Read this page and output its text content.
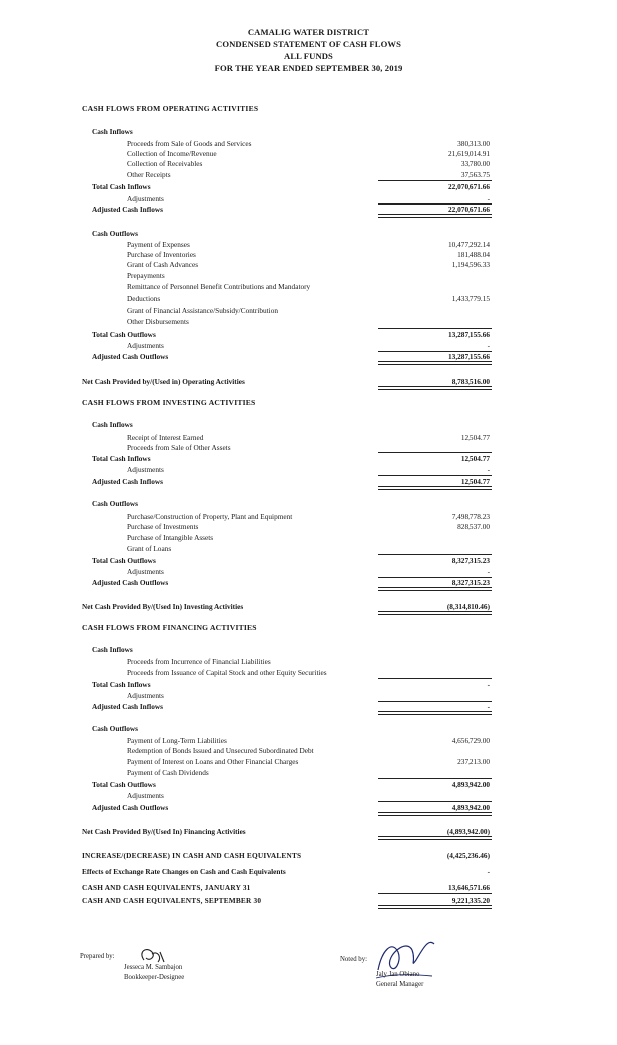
CAMALIG WATER DISTRICT
CONDENSED STATEMENT OF CASH FLOWS
ALL FUNDS
FOR THE YEAR ENDED SEPTEMBER 30, 2019
CASH FLOWS FROM OPERATING ACTIVITIES
Cash Inflows
Proceeds from Sale of Goods and Services	380,313.00
Collection of Income/Revenue	21,619,014.91
Collection of Receivables	33,780.00
Other Receipts	37,563.75
Total Cash Inflows	22,070,671.66
Adjustments	-
Adjusted Cash Inflows	22,070,671.66
Cash Outflows
Payment of Expenses	10,477,292.14
Purchase of Inventories	181,488.04
Grant of Cash Advances	1,194,596.33
Prepayments
Remittance of Personnel Benefit Contributions and Mandatory
Deductions	1,433,779.15
Grant of Financial Assistance/Subsidy/Contribution
Other Disbursements
Total Cash Outflows	13,287,155.66
Adjustments	-
Adjusted Cash Outflows	13,287,155.66
Net Cash Provided by/(Used in) Operating Activities	8,783,516.00
CASH FLOWS FROM INVESTING ACTIVITIES
Cash Inflows
Receipt of Interest Earned	12,504.77
Proceeds from Sale of Other Assets
Total Cash Inflows	12,504.77
Adjustments	-
Adjusted Cash Inflows	12,504.77
Cash Outflows
Purchase/Construction of Property, Plant and Equipment	7,498,778.23
Purchase of Investments	828,537.00
Purchase of Intangible Assets
Grant of Loans
Total Cash Outflows	8,327,315.23
Adjustments	-
Adjusted Cash Outflows	8,327,315.23
Net Cash Provided By/(Used In) Investing Activities	(8,314,810.46)
CASH FLOWS FROM FINANCING ACTIVITIES
Cash Inflows
Proceeds from Incurrence of Financial Liabilities
Proceeds from Issuance of Capital Stock and other Equity Securities
Total Cash Inflows	-
Adjustments
Adjusted Cash Inflows	-
Cash Outflows
Payment of Long-Term Liabilities	4,656,729.00
Redemption of Bonds Issued and Unsecured Subordinated Debt
Payment of Interest on Loans and Other Financial Charges	237,213.00
Payment of Cash Dividends
Total Cash Outflows	4,893,942.00
Adjustments
Adjusted Cash Outflows	4,893,942.00
Net Cash Provided By/(Used In) Financing Activities	(4,893,942.00)
INCREASE/(DECREASE) IN CASH AND CASH EQUIVALENTS	(4,425,236.46)
Effects of Exchange Rate Changes on Cash and Cash Equivalents	-
CASH AND CASH EQUIVALENTS, JANUARY 31	13,646,571.66
CASH AND CASH EQUIVALENTS, SEPTEMBER 30	9,221,335.20
Prepared by:
Jesseca M. Sambajon
Bookkeeper-Designee
Noted by:
Jaly Jan Obiano
General Manager
